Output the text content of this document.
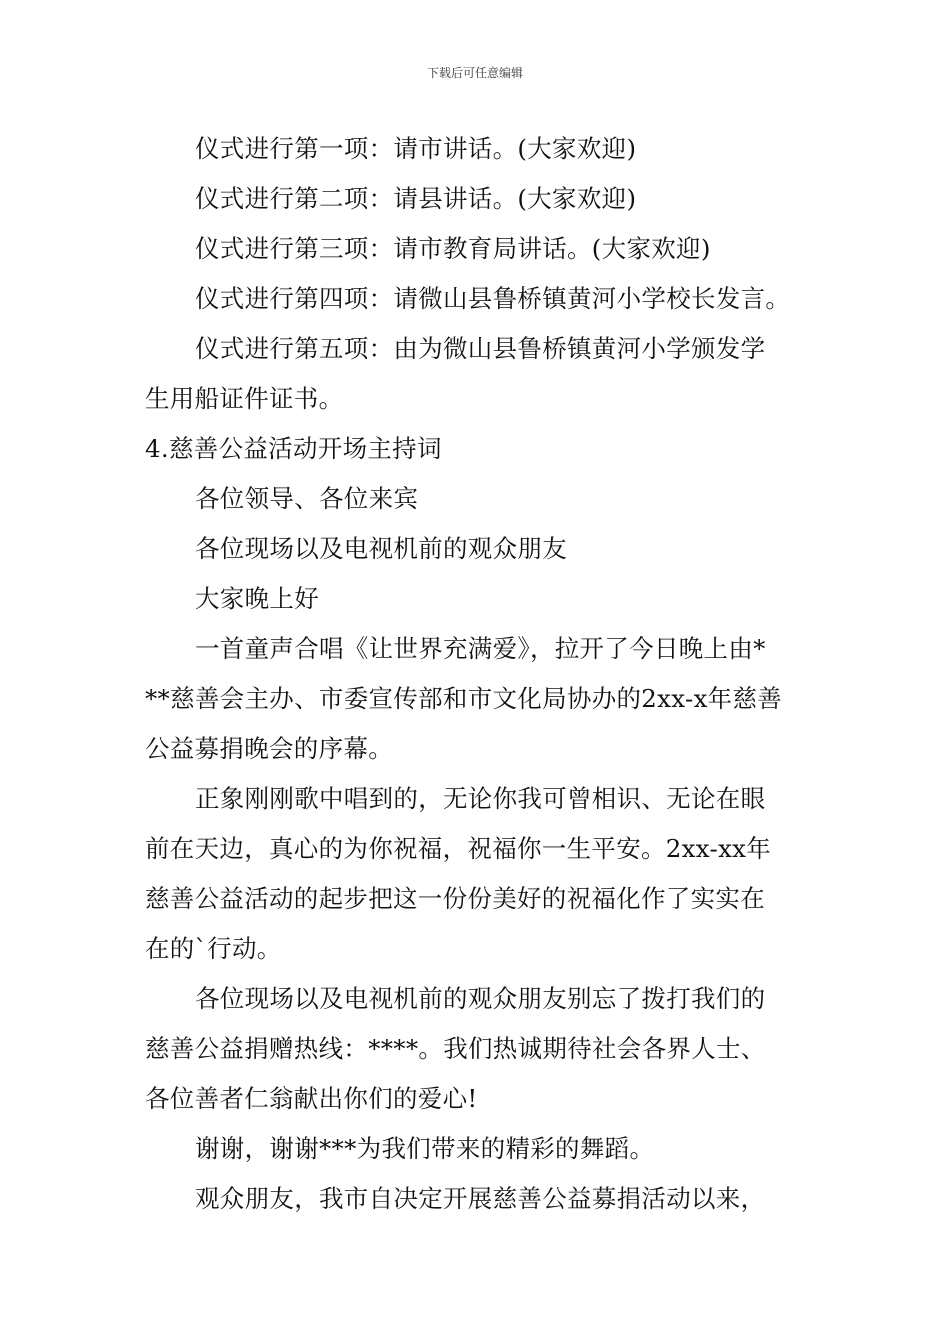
下载后可任意编辑
仪式进行第一项：请市讲话。(大家欢迎)
仪式进行第二项：请县讲话。(大家欢迎)
仪式进行第三项：请市教育局讲话。(大家欢迎)
仪式进行第四项：请微山县鲁桥镇黄河小学校长发言。
仪式进行第五项：由为微山县鲁桥镇黄河小学颁发学
生用船证件证书。
4.慈善公益活动开场主持词
各位领导、各位来宾
各位现场以及电视机前的观众朋友
大家晚上好
一首童声合唱《让世界充满爱》，拉开了今日晚上由*
**慈善会主办、市委宣传部和市文化局协办的2xx-x年慈善
公益募捐晚会的序幕。
正象刚刚歌中唱到的，无论你我可曾相识、无论在眼
前在天边，真心的为你祝福，祝福你一生平安。2xx-xx年
慈善公益活动的起步把这一份份美好的祝福化作了实实在
在的`行动。
各位现场以及电视机前的观众朋友别忘了拨打我们的
慈善公益捐赠热线：****。我们热诚期待社会各界人士、
各位善者仁翁献出你们的爱心!
谢谢，谢谢***为我们带来的精彩的舞蹈。
观众朋友，我市自决定开展慈善公益募捐活动以来，
